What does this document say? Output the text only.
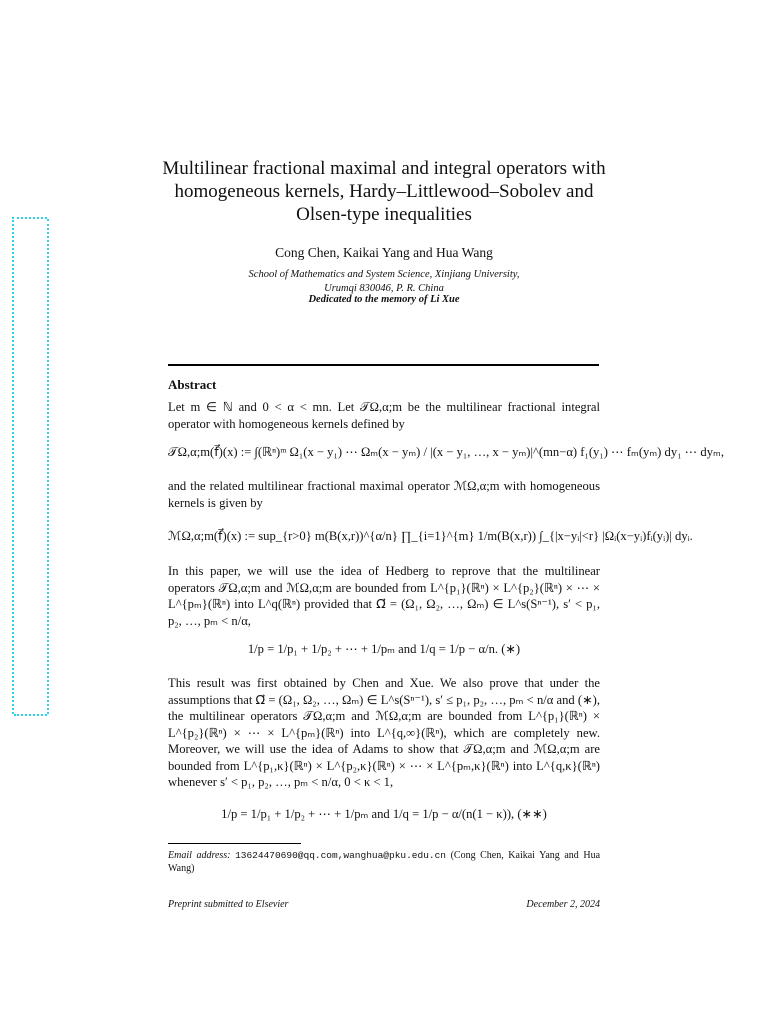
Multilinear fractional maximal and integral operators with homogeneous kernels, Hardy–Littlewood–Sobolev and Olsen-type inequalities
Cong Chen, Kaikai Yang and Hua Wang
School of Mathematics and System Science, Xinjiang University,
Urumqi 830046, P. R. China
Dedicated to the memory of Li Xue
Abstract
Let m ∈ ℕ and 0 < α < mn. Let 𝒯Ω,α;m be the multilinear fractional integral operator with homogeneous kernels defined by
𝒯Ω,α;m(f⃗)(x) := ∫(ℝⁿ)ᵐ Ω₁(x − y₁) ⋯ Ωₘ(x − yₘ) / |(x − y₁, …, x − yₘ)|^(mn−α) f₁(y₁) ⋯ fₘ(yₘ) dy₁ ⋯ dyₘ,
and the related multilinear fractional maximal operator ℳΩ,α;m with homogeneous kernels is given by
ℳΩ,α;m(f⃗)(x) := sup_{r>0} m(B(x,r))^{α/n} ∏_{i=1}^{m} 1/m(B(x,r)) ∫_{|x−yᵢ|<r} |Ωᵢ(x−yᵢ)fᵢ(yᵢ)| dyᵢ.
In this paper, we will use the idea of Hedberg to reprove that the multilinear operators 𝒯Ω,α;m and ℳΩ,α;m are bounded from L^{p₁}(ℝⁿ) × L^{p₂}(ℝⁿ) × ⋯ × L^{pₘ}(ℝⁿ) into L^q(ℝⁿ) provided that Ω⃗ = (Ω₁, Ω₂, …, Ωₘ) ∈ L^s(Sⁿ⁻¹), s′ < p₁, p₂, …, pₘ < n/α,
1/p = 1/p₁ + 1/p₂ + ⋯ + 1/pₘ and 1/q = 1/p − α/n. (∗)
This result was first obtained by Chen and Xue. We also prove that under the assumptions that Ω⃗ = (Ω₁, Ω₂, …, Ωₘ) ∈ L^s(Sⁿ⁻¹), s′ ≤ p₁, p₂, …, pₘ < n/α and (∗), the multilinear operators 𝒯Ω,α;m and ℳΩ,α;m are bounded from L^{p₁}(ℝⁿ) × L^{p₂}(ℝⁿ) × ⋯ × L^{pₘ}(ℝⁿ) into L^{q,∞}(ℝⁿ), which are completely new. Moreover, we will use the idea of Adams to show that 𝒯Ω,α;m and ℳΩ,α;m are bounded from L^{p₁,κ}(ℝⁿ) × L^{p₂,κ}(ℝⁿ) × ⋯ × L^{pₘ,κ}(ℝⁿ) into L^{q,κ}(ℝⁿ) whenever s′ < p₁, p₂, …, pₘ < n/α, 0 < κ < 1,
1/p = 1/p₁ + 1/p₂ + ⋯ + 1/pₘ and 1/q = 1/p − α/(n(1 − κ)), (∗∗)
Email address: 13624470690@qq.com,wanghua@pku.edu.cn (Cong Chen, Kaikai Yang and Hua Wang)
Preprint submitted to Elsevier	December 2, 2024
